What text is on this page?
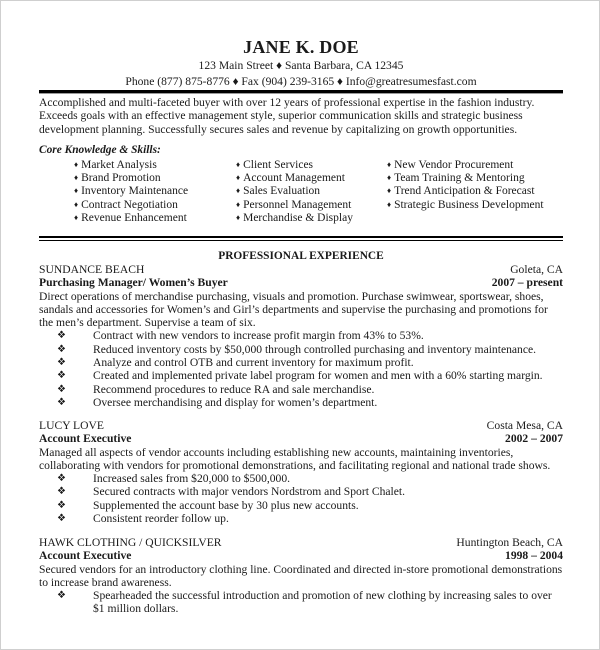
JANE K. DOE
123 Main Street ♦ Santa Barbara, CA 12345
Phone (877) 875-8776 ♦ Fax (904) 239-3165 ♦ Info@greatresumesfast.com
Accomplished and multi-faceted buyer with over 12 years of professional expertise in the fashion industry. Exceeds goals with an effective management style, superior communication skills and strategic business development planning. Successfully secures sales and revenue by capitalizing on growth opportunities.
Core Knowledge & Skills:
♦ Market Analysis
♦ Brand Promotion
♦ Inventory Maintenance
♦ Contract Negotiation
♦ Revenue Enhancement
♦ Client Services
♦ Account Management
♦ Sales Evaluation
♦ Personnel Management
♦ Merchandise & Display
♦ New Vendor Procurement
♦ Team Training & Mentoring
♦ Trend Anticipation & Forecast
♦ Strategic Business Development
PROFESSIONAL EXPERIENCE
SUNDANCE BEACH	Goleta, CA
Purchasing Manager/ Women’s Buyer	2007 – present
Direct operations of merchandise purchasing, visuals and promotion. Purchase swimwear, sportswear, shoes, sandals and accessories for Women’s and Girl’s departments and supervise the purchasing and promotions for the men’s department. Supervise a team of six.
❖ Contract with new vendors to increase profit margin from 43% to 53%.
❖ Reduced inventory costs by $50,000 through controlled purchasing and inventory maintenance.
❖ Analyze and control OTB and current inventory for maximum profit.
❖ Created and implemented private label program for women and men with a 60% starting margin.
❖ Recommend procedures to reduce RA and sale merchandise.
❖ Oversee merchandising and display for women’s department.
LUCY LOVE	Costa Mesa, CA
Account Executive	2002 – 2007
Managed all aspects of vendor accounts including establishing new accounts, maintaining inventories, collaborating with vendors for promotional demonstrations, and facilitating regional and national trade shows.
❖ Increased sales from $20,000 to $500,000.
❖ Secured contracts with major vendors Nordstrom and Sport Chalet.
❖ Supplemented the account base by 30 plus new accounts.
❖ Consistent reorder follow up.
HAWK CLOTHING / QUICKSILVER	Huntington Beach, CA
Account Executive	1998 – 2004
Secured vendors for an introductory clothing line. Coordinated and directed in-store promotional demonstrations to increase brand awareness.
❖ Spearheaded the successful introduction and promotion of new clothing by increasing sales to over $1 million dollars.
